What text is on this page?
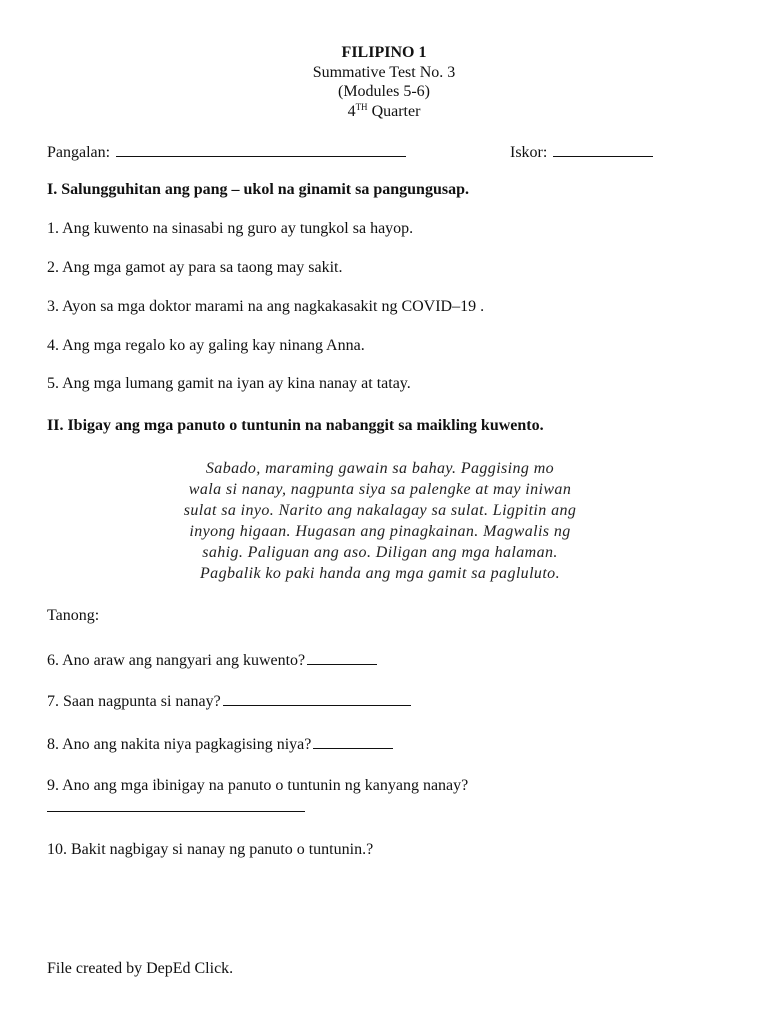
FILIPINO 1
Summative Test No. 3
(Modules 5-6)
4TH Quarter
Pangalan:	Iskor:
I. Salungguhitan ang pang – ukol na ginamit sa pangungusap.
1. Ang kuwento na sinasabi ng guro ay tungkol sa hayop.
2. Ang mga gamot ay para sa taong may sakit.
3. Ayon sa mga doktor marami na ang nagkakasakit ng COVID–19 .
4. Ang mga regalo ko ay galing kay ninang Anna.
5. Ang mga lumang gamit na iyan ay kina nanay at tatay.
II. Ibigay ang mga panuto o tuntunin na nabanggit sa maikling kuwento.
Sabado, maraming gawain sa bahay. Paggising mo
wala si nanay, nagpunta siya sa palengke at may iniwan
sulat sa inyo. Narito ang nakalagay sa sulat. Ligpitin ang
inyong higaan. Hugasan ang pinagkainan. Magwalis ng
sahig. Paliguan ang aso. Diligan ang mga halaman.
Pagbalik ko paki handa ang mga gamit sa pagluluto.
Tanong:
6. Ano araw ang nangyari ang kuwento?
7. Saan nagpunta si nanay?
8. Ano ang nakita niya pagkagising niya?
9. Ano ang mga ibinigay na panuto o tuntunin ng kanyang nanay?
10. Bakit nagbigay si nanay ng panuto o tuntunin.?
File created by DepEd Click.
